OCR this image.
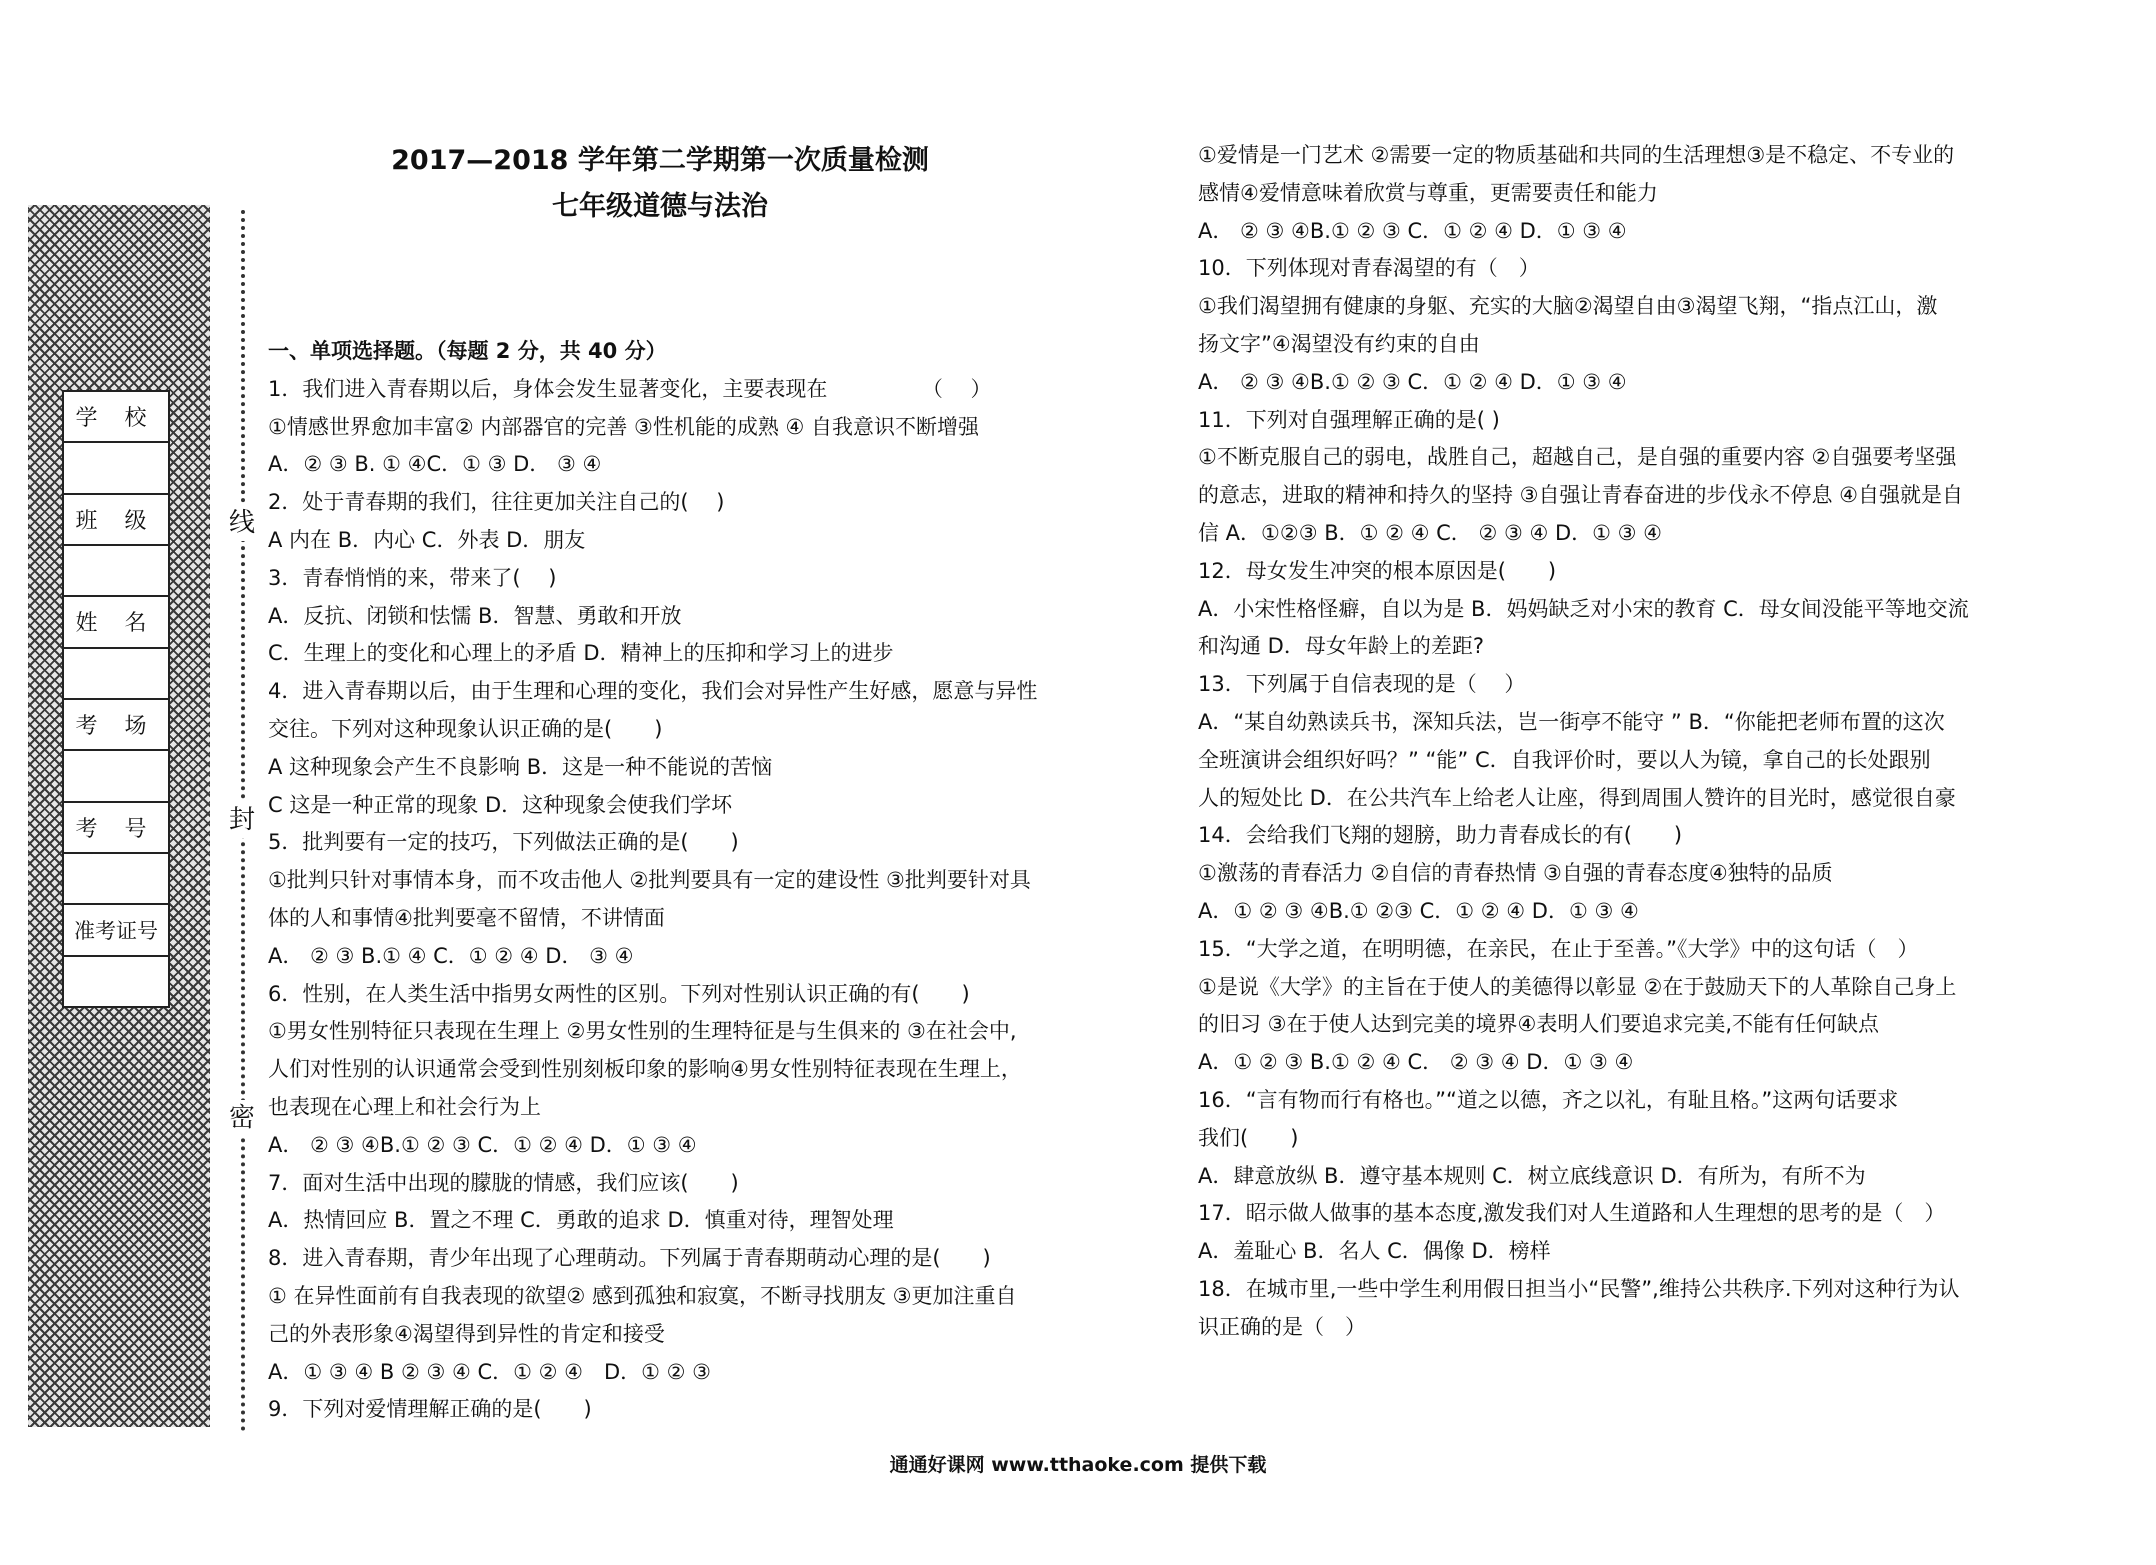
学 校
班 级
姓 名
考 场
考 号
准考证号
线
封
密
2017—2018 学年第二学期第一次质量检测
七年级道德与法治
一、单项选择题。（每题 2 分，共 40 分）
1．我们进入青春期以后，身体会发生显著变化，主要表现在　　　　　（　 ）
①情感世界愈加丰富② 内部器官的完善 ③性机能的成熟 ④ 自我意识不断增强
A．② ③ B. ① ④C．① ③ D． ③ ④
2．处于青春期的我们，往往更加关注自己的(　 )
A 内在 B．内心 C．外表 D．朋友
3．青春悄悄的来，带来了(　 )
A．反抗、闭锁和怯懦 B．智慧、勇敢和开放
C．生理上的变化和心理上的矛盾 D．精神上的压抑和学习上的进步
4．进入青春期以后，由于生理和心理的变化，我们会对异性产生好感，愿意与异性
交往。下列对这种现象认识正确的是(　　)
A 这种现象会产生不良影响 B．这是一种不能说的苦恼
C 这是一种正常的现象 D．这种现象会使我们学坏
5．批判要有一定的技巧，下列做法正确的是(　　)
①批判只针对事情本身，而不攻击他人 ②批判要具有一定的建设性 ③批判要针对具
体的人和事情④批判要毫不留情，不讲情面
A． ② ③ B.① ④ C．① ② ④ D． ③ ④
6．性别，在人类生活中指男女两性的区别。下列对性别认识正确的有(　　)
①男女性别特征只表现在生理上 ②男女性别的生理特征是与生俱来的 ③在社会中,
人们对性别的认识通常会受到性别刻板印象的影响④男女性别特征表现在生理上，
也表现在心理上和社会行为上
A． ② ③ ④B.① ② ③ C．① ② ④ D．① ③ ④
7．面对生活中出现的朦胧的情感，我们应该(　　)
A．热情回应 B．置之不理 C．勇敢的追求 D．慎重对待，理智处理
8．进入青春期，青少年出现了心理萌动。下列属于青春期萌动心理的是(　　)
① 在异性面前有自我表现的欲望② 感到孤独和寂寞，不断寻找朋友 ③更加注重自
己的外表形象④渴望得到异性的肯定和接受
A．① ③ ④ B ② ③ ④ C．① ② ④　D．① ② ③
9．下列对爱情理解正确的是(　　)
①爱情是一门艺术 ②需要一定的物质基础和共同的生活理想③是不稳定、不专业的
感情④爱情意味着欣赏与尊重，更需要责任和能力
A． ② ③ ④B.① ② ③ C．① ② ④ D．① ③ ④
10．下列体现对青春渴望的有（　）
①我们渴望拥有健康的身躯、充实的大脑②渴望自由③渴望飞翔，“指点江山，激
扬文字”④渴望没有约束的自由
A． ② ③ ④B.① ② ③ C．① ② ④ D．① ③ ④
11．下列对自强理解正确的是( )
①不断克服自己的弱电，战胜自己，超越自己，是自强的重要内容 ②自强要考坚强
的意志，进取的精神和持久的坚持 ③自强让青春奋进的步伐永不停息 ④自强就是自
信 A．①②③ B．① ② ④ C． ② ③ ④ D．① ③ ④
12．母女发生冲突的根本原因是(　　)
A．小宋性格怪癖，自以为是 B．妈妈缺乏对小宋的教育 C．母女间没能平等地交流
和沟通 D．母女年龄上的差距?
13．下列属于自信表现的是（　 ）
A．“某自幼熟读兵书，深知兵法，岂一街亭不能守 ” B．“你能把老师布置的这次
全班演讲会组织好吗？” “能” C．自我评价时，要以人为镜，拿自己的长处跟别
人的短处比 D．在公共汽车上给老人让座，得到周围人赞许的目光时，感觉很自豪
14．会给我们飞翔的翅膀，助力青春成长的有(　　)
①激荡的青春活力 ②自信的青春热情 ③自强的青春态度④独特的品质
A．① ② ③ ④B.① ②③ C．① ② ④ D．① ③ ④
15．“大学之道，在明明德，在亲民，在止于至善。”《大学》中的这句话（　）
①是说《大学》的主旨在于使人的美德得以彰显 ②在于鼓励天下的人革除自己身上
的旧习 ③在于使人达到完美的境界④表明人们要追求完美,不能有任何缺点
A．① ② ③ B.① ② ④ C． ② ③ ④ D．① ③ ④
16．“言有物而行有格也。”“道之以德，齐之以礼，有耻且格。”这两句话要求
我们(　　)
A．肆意放纵 B．遵守基本规则 C．树立底线意识 D．有所为，有所不为
17．昭示做人做事的基本态度,激发我们对人生道路和人生理想的思考的是（　）
A．羞耻心 B．名人 C．偶像 D．榜样
18．在城市里,一些中学生利用假日担当小“民警”,维持公共秩序.下列对这种行为认
识正确的是（　）
通通好课网 www.tthaoke.com 提供下载
